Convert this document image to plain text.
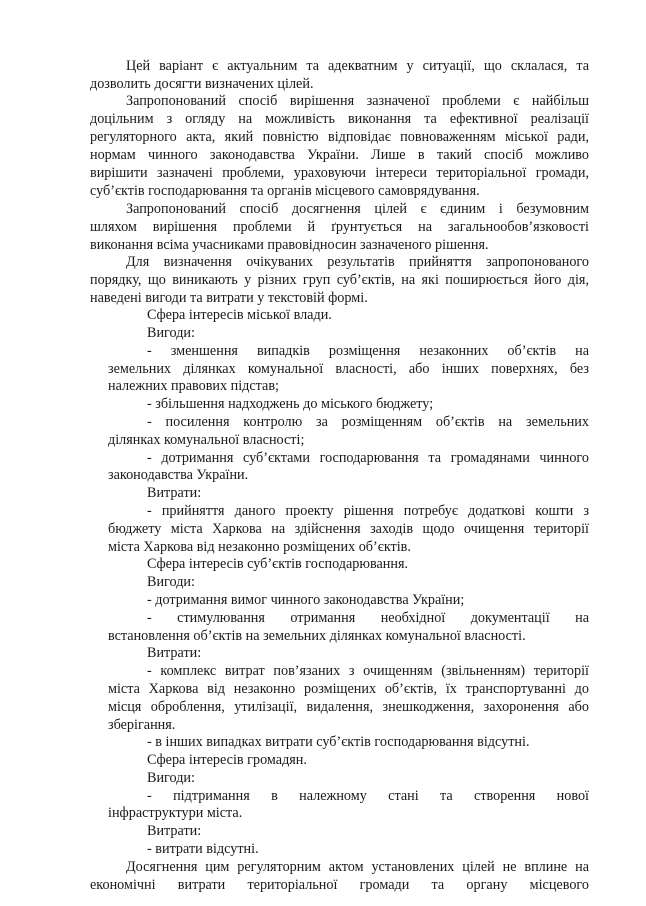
Цей варіант є актуальним та адекватним у ситуації, що склалася, та
дозволить досягти визначених цілей.
Запропонований спосіб вирішення зазначеної проблеми є найбільш
доцільним з огляду на можливість виконання та ефективної реалізації
регуляторного акта, який повністю відповідає повноваженням міської ради,
нормам чинного законодавства України. Лише в такий спосіб можливо
вирішити зазначені проблеми, ураховуючи інтереси територіальної громади,
суб’єктів господарювання та органів місцевого самоврядування.
Запропонований спосіб досягнення цілей є єдиним і безумовним
шляхом вирішення проблеми й ґрунтується на загальнообов’язковості
виконання всіма учасниками правовідносин зазначеного рішення.
Для визначення очікуваних результатів прийняття запропонованого
порядку, що виникають у різних груп суб’єктів, на які поширюється його дія,
наведені вигоди та витрати у текстовій формі.
Сфера інтересів міської влади.
Вигоди:
- зменшення випадків розміщення незаконних об’єктів на
земельних ділянках комунальної власності, або інших поверхнях, без
належних правових підстав;
- збільшення надходжень до міського бюджету;
- посилення контролю за розміщенням об’єктів на земельних
ділянках комунальної власності;
- дотримання суб’єктами господарювання та громадянами чинного
законодавства України.
Витрати:
- прийняття даного проекту рішення потребує додаткові кошти з
бюджету міста Харкова на здійснення заходів щодо очищення території
міста Харкова від незаконно розміщених об’єктів.
Сфера інтересів суб’єктів господарювання.
Вигоди:
- дотримання вимог чинного законодавства України;
- стимулювання отримання необхідної документації на
встановлення об’єктів на земельних ділянках комунальної власності.
Витрати:
- комплекс витрат пов’язаних з очищенням (звільненням) території
міста Харкова від незаконно розміщених об’єктів, їх транспортуванні до
місця оброблення, утилізації, видалення, знешкодження, захоронення або
зберігання.
- в інших випадках витрати суб’єктів господарювання відсутні.
Сфера інтересів громадян.
Вигоди:
- підтримання в належному стані та створення нової
інфраструктури міста.
Витрати:
- витрати відсутні.
Досягнення цим регуляторним актом установлених цілей не вплине на
економічні витрати територіальної громади та органу місцевого
